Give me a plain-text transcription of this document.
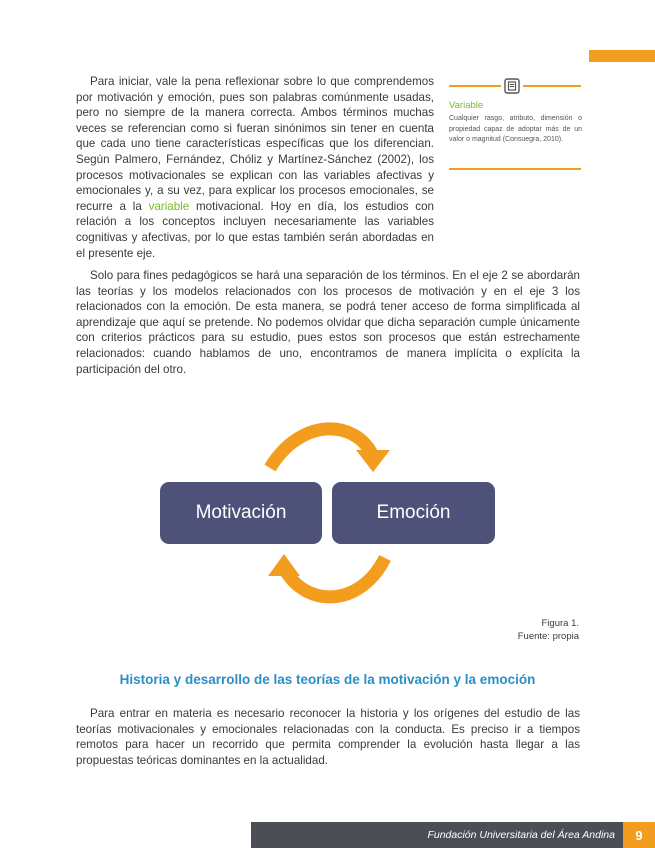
Para iniciar, vale la pena reflexionar sobre lo que comprendemos por motivación y emoción, pues son palabras comúnmente usadas, pero no siempre de la manera correcta. Ambos términos muchas veces se referencian como si fueran sinónimos sin tener en cuenta que cada uno tiene características específicas que los diferencian. Según Palmero, Fernández, Chóliz y Martínez-Sánchez (2002), los procesos motivacionales se explican con las variables afectivas y emocionales y, a su vez, para explicar los procesos emocionales, se recurre a la variable motivacional. Hoy en día, los estudios con relación a los conceptos incluyen necesariamente las variables cognitivas y afectivas, por lo que estas también serán abordadas en el presente eje.

Variable

Cualquier rasgo, atributo, dimensión o propiedad capaz de adoptar más de un valor o magnitud (Consuegra, 2010).

Solo para fines pedagógicos se hará una separación de los términos. En el eje 2 se abordarán las teorías y los modelos relacionados con los procesos de motivación y en el eje 3 los relacionados con la emoción. De esta manera, se podrá tener acceso de forma simplificada al aprendizaje que aquí se pretende. No podemos olvidar que dicha separación cumple únicamente con criterios prácticos para su estudio, pues estos son procesos que están estrechamente relacionados: cuando hablamos de uno, encontramos de manera implícita o explícita la participación del otro.

Motivación	Emoción
Figura 1.
Fuente: propia
Historia y desarrollo de las teorías de la motivación y la emoción

Para entrar en materia es necesario reconocer la historia y los orígenes del estudio de las teorías motivacionales y emocionales relacionadas con la conducta. Es preciso ir a tiempos remotos para hacer un recorrido que permita comprender la evolución hasta llegar a las propuestas teóricas dominantes en la actualidad.

Fundación Universitaria del Área Andina	9
